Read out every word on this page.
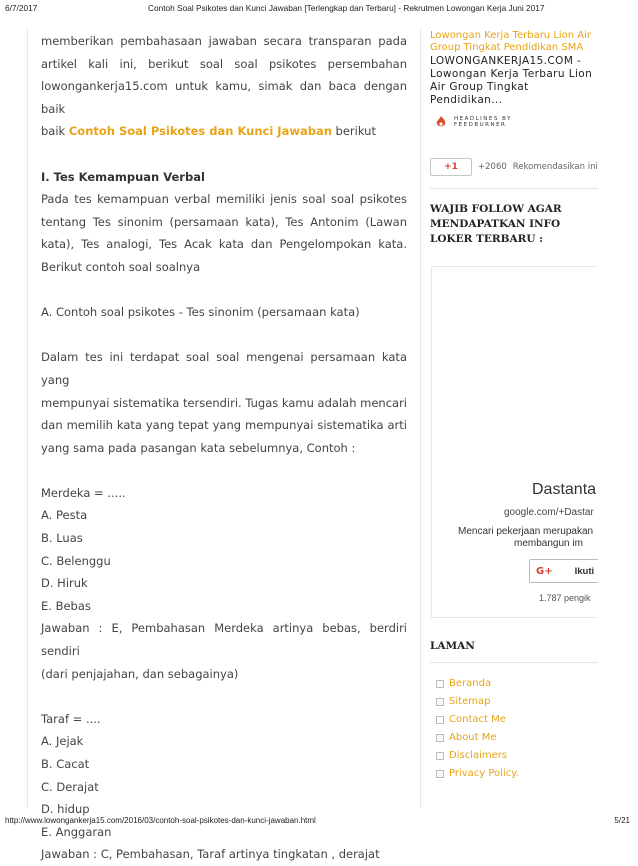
6/7/2017	Contoh Soal Psikotes dan Kunci Jawaban [Terlengkap dan Terbaru] - Rekrutmen Lowongan Kerja Juni 2017

memberikan pembahasaan jawaban secara transparan pada

artikel kali ini, berikut soal soal psikotes persembahan

lowongankerja15.com untuk kamu, simak dan baca dengan baik

baik Contoh Soal Psikotes dan Kunci Jawaban berikut

I. Tes Kemampuan Verbal

Pada tes kemampuan verbal memiliki jenis soal soal psikotes

tentang Tes sinonim (persamaan kata), Tes Antonim (Lawan

kata), Tes analogi, Tes Acak kata dan Pengelompokan kata.

Berikut contoh soal soalnya

A. Contoh soal psikotes - Tes sinonim (persamaan kata)

Dalam tes ini terdapat soal soal mengenai persamaan kata yang

mempunyai sistematika tersendiri. Tugas kamu adalah mencari

dan memilih kata yang tepat yang mempunyai sistematika arti

yang sama pada pasangan kata sebelumnya, Contoh :

Merdeka = .....

A. Pesta

B. Luas

C. Belenggu

D. Hiruk

E. Bebas

Jawaban : E, Pembahasan Merdeka artinya bebas, berdiri sendiri

(dari penjajahan, dan sebagainya)

Taraf = ....

A. Jejak

B. Cacat

C. Derajat

D. hidup

E. Anggaran

Jawaban : C, Pembahasan, Taraf artinya tingkatan , derajat

Lowongan Kerja Terbaru Lion Air Group Tingkat Pendidikan SMA
LOWONGANKERJA15.COM - Lowongan Kerja Terbaru Lion Air Group Tingkat Pendidikan...
HEADLINES BY
FEEDBURNER
+1	+2060 Rekomendasikan ini
WAJIB FOLLOW AGAR MENDAPATKAN INFO LOKER TERBARU :
Dastanta
google.com/+Dastar
Mencari pekerjaan merupakan
membangun im
G+ Ikuti
1.787 pengik
LAMAN
Beranda
Sitemap
Contact Me
About Me
Disclaimers
Privacy Policy.
http://www.lowongankerja15.com/2016/03/contoh-soal-psikotes-dan-kunci-jawaban.html	5/21
